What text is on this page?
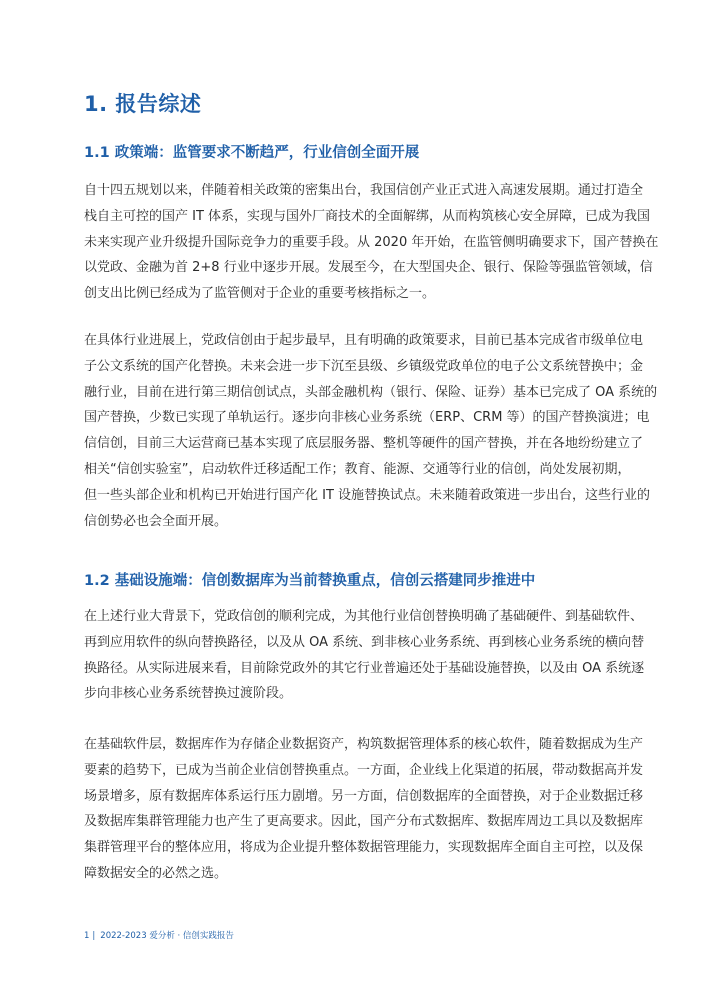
1. 报告综述
1.1 政策端：监管要求不断趋严，行业信创全面开展
自十四五规划以来，伴随着相关政策的密集出台，我国信创产业正式进入高速发展期。通过打造全
栈自主可控的国产 IT 体系，实现与国外厂商技术的全面解绑，从而构筑核心安全屏障，已成为我国
未来实现产业升级提升国际竞争力的重要手段。从 2020 年开始，在监管侧明确要求下，国产替换在
以党政、金融为首 2+8 行业中逐步开展。发展至今，在大型国央企、银行、保险等强监管领域，信
创支出比例已经成为了监管侧对于企业的重要考核指标之一。
在具体行业进展上，党政信创由于起步最早，且有明确的政策要求，目前已基本完成省市级单位电
子公文系统的国产化替换。未来会进一步下沉至县级、乡镇级党政单位的电子公文系统替换中；金
融行业，目前在进行第三期信创试点，头部金融机构（银行、保险、证券）基本已完成了 OA 系统的
国产替换，少数已实现了单轨运行。逐步向非核心业务系统（ERP、CRM 等）的国产替换演进；电
信信创，目前三大运营商已基本实现了底层服务器、整机等硬件的国产替换，并在各地纷纷建立了
相关“信创实验室”，启动软件迁移适配工作；教育、能源、交通等行业的信创，尚处发展初期，
但一些头部企业和机构已开始进行国产化 IT 设施替换试点。未来随着政策进一步出台，这些行业的
信创势必也会全面开展。
1.2 基础设施端：信创数据库为当前替换重点，信创云搭建同步推进中
在上述行业大背景下，党政信创的顺利完成，为其他行业信创替换明确了基础硬件、到基础软件、
再到应用软件的纵向替换路径，以及从 OA 系统、到非核心业务系统、再到核心业务系统的横向替
换路径。从实际进展来看，目前除党政外的其它行业普遍还处于基础设施替换，以及由 OA 系统逐
步向非核心业务系统替换过渡阶段。
在基础软件层，数据库作为存储企业数据资产，构筑数据管理体系的核心软件，随着数据成为生产
要素的趋势下，已成为当前企业信创替换重点。一方面，企业线上化渠道的拓展，带动数据高并发
场景增多，原有数据库体系运行压力剧增。另一方面，信创数据库的全面替换，对于企业数据迁移
及数据库集群管理能力也产生了更高要求。因此，国产分布式数据库、数据库周边工具以及数据库
集群管理平台的整体应用，将成为企业提升整体数据管理能力，实现数据库全面自主可控，以及保
障数据安全的必然之选。
1 | 2022-2023 爱分析 · 信创实践报告
